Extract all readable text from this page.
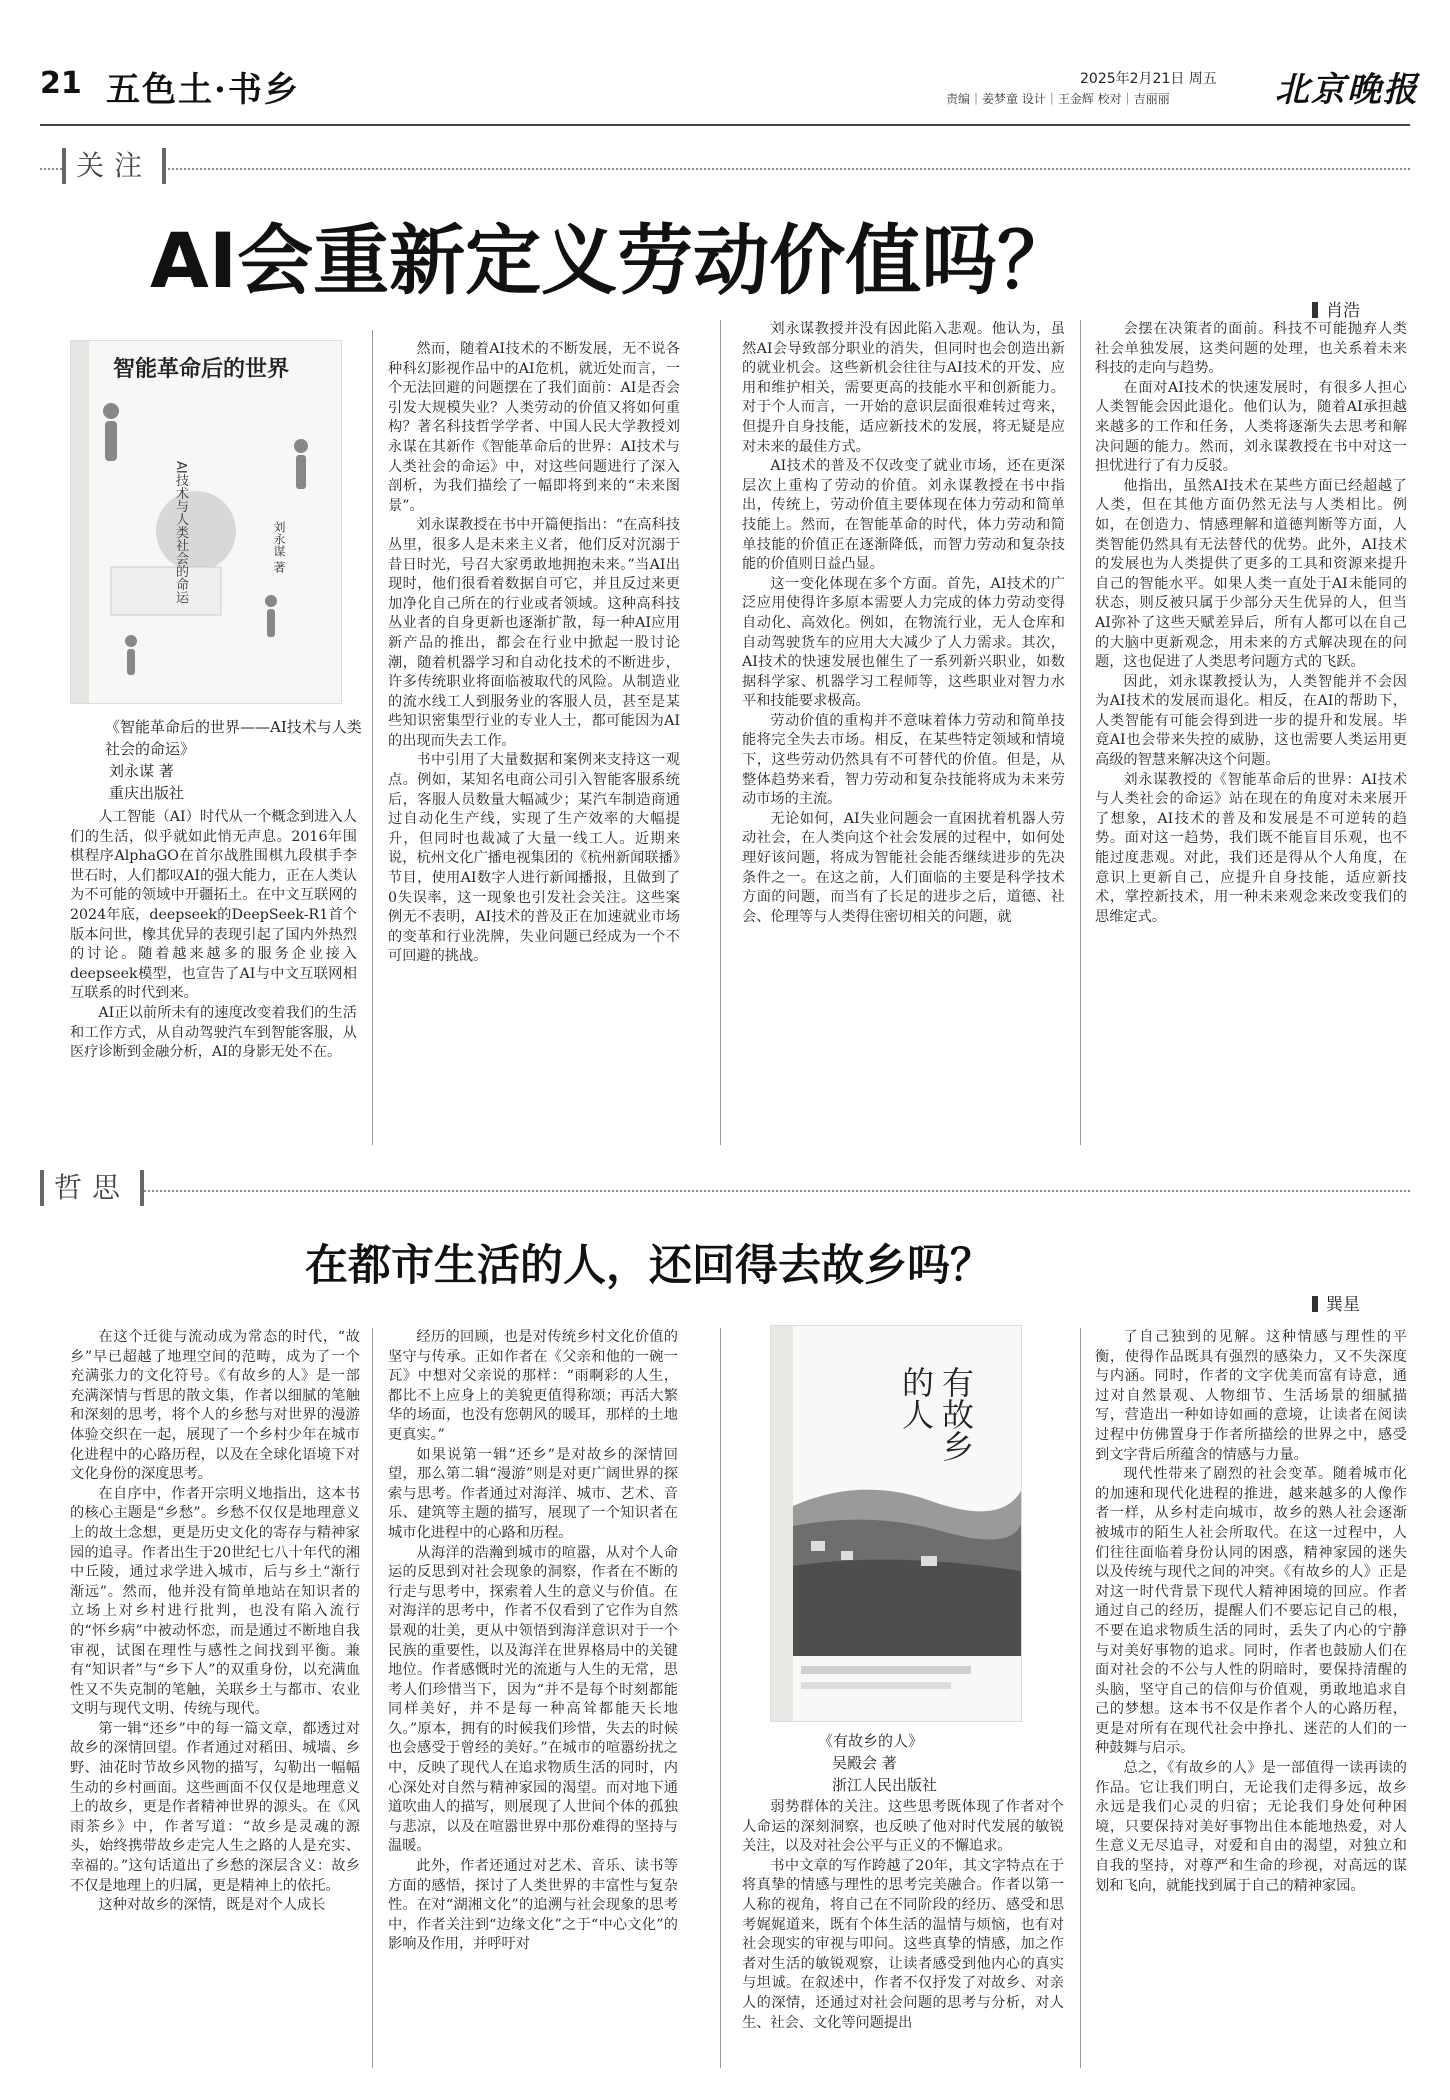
21 五色土·书乡	2025年2月21日 周五
责编｜姜梦童 设计｜王金辉 校对｜吉丽丽	北京晚报
关注
AI会重新定义劳动价值吗？
肖浩
智能革命后的世界
AI技术与人类社会的命运	刘永谋 著
《智能革命后的世界——AI技术与人类社会的命运》
刘永谋 著
重庆出版社

人工智能（AI）时代从一个概念到进入人们的生活，似乎就如此悄无声息。2016年围棋程序AlphaGO在首尔战胜围棋九段棋手李世石时，人们都叹AI的强大能力，正在人类认为不可能的领域中开疆拓土。在中文互联网的2024年底，deepseek的DeepSeek-R1首个版本问世，橡其优异的表现引起了国内外热烈的讨论。随着越来越多的服务企业接入deepseek模型，也宣告了AI与中文互联网相互联系的时代到来。

AI正以前所未有的速度改变着我们的生活和工作方式，从自动驾驶汽车到智能客服，从医疗诊断到金融分析，AI的身影无处不在。

然而，随着AI技术的不断发展，无不说各种科幻影视作品中的AI危机，就近处而言，一个无法回避的问题摆在了我们面前：AI是否会引发大规模失业？人类劳动的价值又将如何重构？著名科技哲学学者、中国人民大学教授刘永谋在其新作《智能革命后的世界：AI技术与人类社会的命运》中，对这些问题进行了深入剖析，为我们描绘了一幅即将到来的“未来图景”。

刘永谋教授在书中开篇便指出：“在高科技丛里，很多人是未来主义者，他们反对沉溺于昔日时光，号召大家勇敢地拥抱未来。”当AI出现时，他们很看着数据自可它，并且反过来更加净化自己所在的行业或者领域。这种高科技丛业者的自身更新也逐渐扩散，每一种AI应用新产品的推出，都会在行业中掀起一股讨论潮，随着机器学习和自动化技术的不断进步，许多传统职业将面临被取代的风险。从制造业的流水线工人到服务业的客服人员，甚至是某些知识密集型行业的专业人士，都可能因为AI的出现而失去工作。

书中引用了大量数据和案例来支持这一观点。例如，某知名电商公司引入智能客服系统后，客服人员数量大幅减少；某汽车制造商通过自动化生产线，实现了生产效率的大幅提升，但同时也裁减了大量一线工人。近期来说，杭州文化广播电视集团的《杭州新闻联播》节目，使用AI数字人进行新闻播报，且做到了0失误率，这一现象也引发社会关注。这些案例无不表明，AI技术的普及正在加速就业市场的变革和行业洗牌，失业问题已经成为一个不可回避的挑战。

刘永谋教授并没有因此陷入悲观。他认为，虽然AI会导致部分职业的消失，但同时也会创造出新的就业机会。这些新机会往往与AI技术的开发、应用和维护相关，需要更高的技能水平和创新能力。对于个人而言，一开始的意识层面很难转过弯来，但提升自身技能，适应新技术的发展，将无疑是应对未来的最佳方式。

AI技术的普及不仅改变了就业市场，还在更深层次上重构了劳动的价值。刘永谋教授在书中指出，传统上，劳动价值主要体现在体力劳动和简单技能上。然而，在智能革命的时代，体力劳动和简单技能的价值正在逐渐降低，而智力劳动和复杂技能的价值则日益凸显。

这一变化体现在多个方面。首先，AI技术的广泛应用使得许多原本需要人力完成的体力劳动变得自动化、高效化。例如，在物流行业，无人仓库和自动驾驶货车的应用大大减少了人力需求。其次，AI技术的快速发展也催生了一系列新兴职业，如数据科学家、机器学习工程师等，这些职业对智力水平和技能要求极高。

劳动价值的重构并不意味着体力劳动和简单技能将完全失去市场。相反，在某些特定领域和情境下，这些劳动仍然具有不可替代的价值。但是，从整体趋势来看，智力劳动和复杂技能将成为未来劳动市场的主流。

无论如何，AI失业问题会一直困扰着机器人劳动社会，在人类向这个社会发展的过程中，如何处理好该问题，将成为智能社会能否继续进步的先决条件之一。在这之前，人们面临的主要是科学技术方面的问题，而当有了长足的进步之后，道德、社会、伦理等与人类得住密切相关的问题，就

会摆在决策者的面前。科技不可能抛弃人类社会单独发展，这类问题的处理，也关系着未来科技的走向与趋势。

在面对AI技术的快速发展时，有很多人担心人类智能会因此退化。他们认为，随着AI承担越来越多的工作和任务，人类将逐渐失去思考和解决问题的能力。然而，刘永谋教授在书中对这一担忧进行了有力反驳。

他指出，虽然AI技术在某些方面已经超越了人类，但在其他方面仍然无法与人类相比。例如，在创造力、情感理解和道德判断等方面，人类智能仍然具有无法替代的优势。此外，AI技术的发展也为人类提供了更多的工具和资源来提升自己的智能水平。如果人类一直处于AI未能同的状态，则反被只属于少部分天生优异的人，但当AI弥补了这些天赋差异后，所有人都可以在自己的大脑中更新观念，用未来的方式解决现在的问题，这也促进了人类思考问题方式的飞跃。

因此，刘永谋教授认为，人类智能并不会因为AI技术的发展而退化。相反，在AI的帮助下，人类智能有可能会得到进一步的提升和发展。毕竟AI也会带来失控的威胁，这也需要人类运用更高级的智慧来解决这个问题。

刘永谋教授的《智能革命后的世界：AI技术与人类社会的命运》站在现在的角度对未来展开了想象，AI技术的普及和发展是不可逆转的趋势。面对这一趋势，我们既不能盲目乐观，也不能过度悲观。对此，我们还是得从个人角度，在意识上更新自己，应提升自身技能，适应新技术，掌控新技术，用一种未来观念来改变我们的思维定式。

哲思
在都市生活的人，还回得去故乡吗？
巽星
有故乡的人
《有故乡的人》
吴殿会 著
浙江人民出版社

在这个迁徙与流动成为常态的时代，“故乡”早已超越了地理空间的范畴，成为了一个充满张力的文化符号。《有故乡的人》是一部充满深情与哲思的散文集，作者以细腻的笔触和深刻的思考，将个人的乡愁与对世界的漫游体验交织在一起，展现了一个乡村少年在城市化进程中的心路历程，以及在全球化语境下对文化身份的深度思考。

在自序中，作者开宗明义地指出，这本书的核心主题是“乡愁”。乡愁不仅仅是地理意义上的故土念想，更是历史文化的寄存与精神家园的追寻。作者出生于20世纪七八十年代的湘中丘陵，通过求学进入城市，后与乡土“渐行渐远”。然而，他并没有简单地站在知识者的立场上对乡村进行批判，也没有陷入流行的“怀乡病”中被动怀恋，而是通过不断地自我审视，试图在理性与感性之间找到平衡。兼有“知识者”与“乡下人”的双重身份，以充满血性又不失克制的笔触，关联乡土与都市、农业文明与现代文明、传统与现代。

第一辑“还乡”中的每一篇文章，都透过对故乡的深情回望。作者通过对稻田、城墙、乡野、油花时节故乡风物的描写，勾勒出一幅幅生动的乡村画面。这些画面不仅仅是地理意义上的故乡，更是作者精神世界的源头。在《风雨茶乡》中，作者写道：“故乡是灵魂的源头，始终携带故乡走完人生之路的人是充实、幸福的。”这句话道出了乡愁的深层含义：故乡不仅是地理上的归属，更是精神上的依托。

这种对故乡的深情，既是对个人成长

经历的回顾，也是对传统乡村文化价值的坚守与传承。正如作者在《父亲和他的一碗一瓦》中想对父亲说的那样：“雨啊彩的人生，都比不上应身上的美貌更值得称颂；再活大繁华的场面，也没有您朝风的暖耳，那样的土地更真实。”

如果说第一辑“还乡”是对故乡的深情回望，那么第二辑“漫游”则是对更广阔世界的探索与思考。作者通过对海洋、城市、艺术、音乐、建筑等主题的描写，展现了一个知识者在城市化进程中的心路和历程。

从海洋的浩瀚到城市的喧嚣，从对个人命运的反思到对社会现象的洞察，作者在不断的行走与思考中，探索着人生的意义与价值。在对海洋的思考中，作者不仅看到了它作为自然景观的壮美，更从中领悟到海洋意识对于一个民族的重要性，以及海洋在世界格局中的关键地位。作者感慨时光的流逝与人生的无常，思考人们珍惜当下，因为“并不是每个时刻都能同样美好，并不是每一种高耸都能天长地久。”原本，拥有的时候我们珍惜，失去的时候也会感受于曾经的美好。”在城市的喧嚣纷扰之中，反映了现代人在追求物质生活的同时，内心深处对自然与精神家园的渴望。而对地下通道吹曲人的描写，则展现了人世间个体的孤独与悲凉，以及在喧嚣世界中那份难得的坚持与温暖。

此外，作者还通过对艺术、音乐、读书等方面的感悟，探讨了人类世界的丰富性与复杂性。在对“湖湘文化”的追溯与社会现象的思考中，作者关注到“边缘文化”之于“中心文化”的影响及作用，并呼吁对

弱势群体的关注。这些思考既体现了作者对个人命运的深刻洞察，也反映了他对时代发展的敏锐关注，以及对社会公平与正义的不懈追求。

书中文章的写作跨越了20年，其文字特点在于将真挚的情感与理性的思考完美融合。作者以第一人称的视角，将自己在不同阶段的经历、感受和思考娓娓道来，既有个体生活的温情与烦恼，也有对社会现实的审视与叩问。这些真挚的情感，加之作者对生活的敏锐观察，让读者感受到他内心的真实与坦诚。在叙述中，作者不仅抒发了对故乡、对亲人的深情，还通过对社会问题的思考与分析，对人生、社会、文化等问题提出

了自己独到的见解。这种情感与理性的平衡，使得作品既具有强烈的感染力，又不失深度与内涵。同时，作者的文字优美而富有诗意，通过对自然景观、人物细节、生活场景的细腻描写，营造出一种如诗如画的意境，让读者在阅读过程中仿佛置身于作者所描绘的世界之中，感受到文字背后所蕴含的情感与力量。

现代性带来了剧烈的社会变革。随着城市化的加速和现代化进程的推进，越来越多的人像作者一样，从乡村走向城市，故乡的熟人社会逐渐被城市的陌生人社会所取代。在这一过程中，人们往往面临着身份认同的困惑，精神家园的迷失以及传统与现代之间的冲突。《有故乡的人》正是对这一时代背景下现代人精神困境的回应。作者通过自己的经历，提醒人们不要忘记自己的根，不要在追求物质生活的同时，丢失了内心的宁静与对美好事物的追求。同时，作者也鼓励人们在面对社会的不公与人性的阴暗时，要保持清醒的头脑，坚守自己的信仰与价值观，勇敢地追求自己的梦想。这本书不仅是作者个人的心路历程，更是对所有在现代社会中挣扎、迷茫的人们的一种鼓舞与启示。

总之，《有故乡的人》是一部值得一读再读的作品。它让我们明白，无论我们走得多远，故乡永远是我们心灵的归宿；无论我们身处何种困境，只要保持对美好事物出住本能地热爱，对人生意义无尽追寻，对爱和自由的渴望，对独立和自我的坚持，对尊严和生命的珍视，对高远的谋划和飞向，就能找到属于自己的精神家园。
